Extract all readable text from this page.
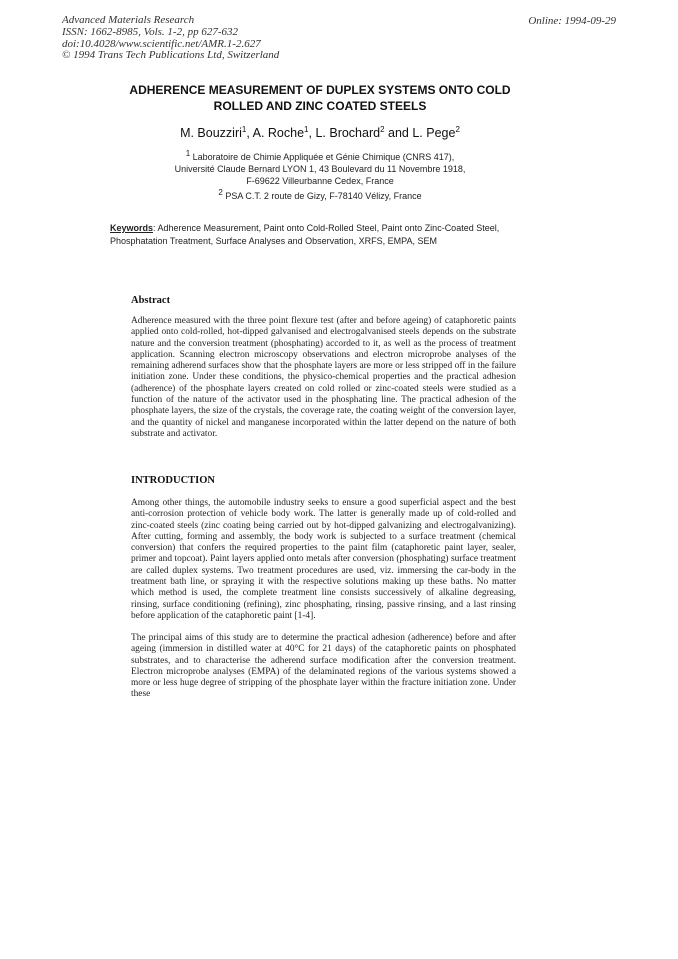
Advanced Materials Research
ISSN: 1662-8985, Vols. 1-2, pp 627-632
doi:10.4028/www.scientific.net/AMR.1-2.627
© 1994 Trans Tech Publications Ltd, Switzerland
Online: 1994-09-29
ADHERENCE MEASUREMENT OF DUPLEX SYSTEMS ONTO COLD
ROLLED AND ZINC COATED STEELS
M. Bouzziri$^1$, A. Roche$^1$, L. Brochard$^2$ and L. Pege$^2$
$^1$ Laboratoire de Chimie Appliquée et Génie Chimique (CNRS 417),
Université Claude Bernard LYON 1, 43 Boulevard du 11 Novembre 1918,
F-69622 Villeurbanne Cedex, France
$^2$ PSA C.T. 2 route de Gizy, F-78140 Vélizy, France
Keywords: Adherence Measurement, Paint onto Cold-Rolled Steel, Paint onto Zinc-Coated Steel, Phosphatation Treatment, Surface Analyses and Observation, XRFS, EMPA, SEM
Abstract

Adherence measured with the three point flexure test (after and before ageing) of cataphoretic paints applied onto cold-rolled, hot-dipped galvanised and electrogalvanised steels depends on the substrate nature and the conversion treatment (phosphating) accorded to it, as well as the process of treatment application. Scanning electron microscopy observations and electron microprobe analyses of the remaining adherend surfaces show that the phosphate layers are more or less stripped off in the failure initiation zone. Under these conditions, the physico-chemical properties and the practical adhesion (adherence) of the phosphate layers created on cold rolled or zinc-coated steels were studied as a function of the nature of the activator used in the phosphating line. The practical adhesion of the phosphate layers, the size of the crystals, the coverage rate, the coating weight of the conversion layer, and the quantity of nickel and manganese incorporated within the latter depend on the nature of both substrate and activator.

INTRODUCTION

Among other things, the automobile industry seeks to ensure a good superficial aspect and the best anti-corrosion protection of vehicle body work. The latter is generally made up of cold-rolled and zinc-coated steels (zinc coating being carried out by hot-dipped galvanizing and electrogalvanizing). After cutting, forming and assembly, the body work is subjected to a surface treatment (chemical conversion) that confers the required properties to the paint film (cataphoretic paint layer, sealer, primer and topcoat). Paint layers applied onto metals after conversion (phosphating) surface treatment are called duplex systems. Two treatment procedures are used, viz. immersing the car-body in the treatment bath line, or spraying it with the respective solutions making up these baths. No matter which method is used, the complete treatment line consists successively of alkaline degreasing, rinsing, surface conditioning (refining), zinc phosphating, rinsing, passive rinsing, and a last rinsing before application of the cataphoretic paint [1-4].

The principal aims of this study are to determine the practical adhesion (adherence) before and after ageing (immersion in distilled water at 40°C for 21 days) of the cataphoretic paints on phosphated substrates, and to characterise the adherend surface modification after the conversion treatment. Electron microprobe analyses (EMPA) of the delaminated regions of the various systems showed a more or less huge degree of stripping of the phosphate layer within the fracture initiation zone. Under these
